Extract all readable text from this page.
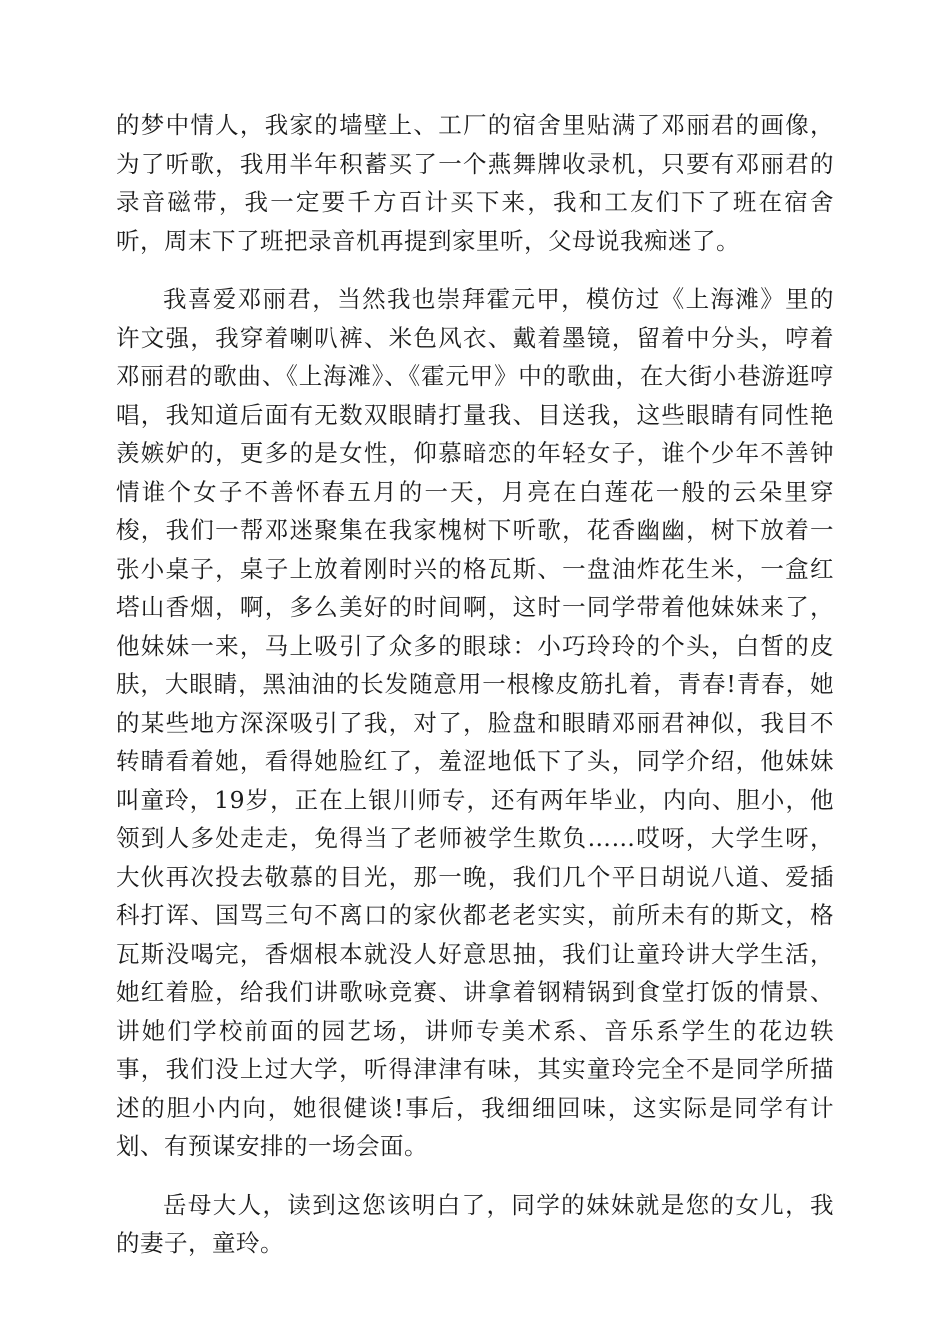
的梦中情人，我家的墙壁上、工厂的宿舍里贴满了邓丽君的画像，为了听歌，我用半年积蓄买了一个燕舞牌收录机，只要有邓丽君的录音磁带，我一定要千方百计买下来，我和工友们下了班在宿舍听，周末下了班把录音机再提到家里听，父母说我痴迷了。

我喜爱邓丽君，当然我也崇拜霍元甲，模仿过《上海滩》里的许文强，我穿着喇叭裤、米色风衣、戴着墨镜，留着中分头，哼着邓丽君的歌曲、《上海滩》、《霍元甲》中的歌曲，在大街小巷游逛哼唱，我知道后面有无数双眼睛打量我、目送我，这些眼睛有同性艳羡嫉妒的，更多的是女性，仰慕暗恋的年轻女子，谁个少年不善钟情谁个女子不善怀春五月的一天，月亮在白莲花一般的云朵里穿梭，我们一帮邓迷聚集在我家槐树下听歌，花香幽幽，树下放着一张小桌子，桌子上放着刚时兴的格瓦斯、一盘油炸花生米，一盒红塔山香烟，啊，多么美好的时间啊，这时一同学带着他妹妹来了，他妹妹一来，马上吸引了众多的眼球：小巧玲玲的个头，白皙的皮肤，大眼睛，黑油油的长发随意用一根橡皮筋扎着，青春!青春，她的某些地方深深吸引了我，对了，脸盘和眼睛邓丽君神似，我目不转睛看着她，看得她脸红了，羞涩地低下了头，同学介绍，他妹妹叫童玲，19岁，正在上银川师专，还有两年毕业，内向、胆小，他领到人多处走走，免得当了老师被学生欺负……哎呀，大学生呀，大伙再次投去敬慕的目光，那一晚，我们几个平日胡说八道、爱插科打诨、国骂三句不离口的家伙都老老实实，前所未有的斯文，格瓦斯没喝完，香烟根本就没人好意思抽，我们让童玲讲大学生活，她红着脸，给我们讲歌咏竞赛、讲拿着钢精锅到食堂打饭的情景、讲她们学校前面的园艺场，讲师专美术系、音乐系学生的花边轶事，我们没上过大学，听得津津有味，其实童玲完全不是同学所描述的胆小内向，她很健谈!事后，我细细回味，这实际是同学有计划、有预谋安排的一场会面。

岳母大人，读到这您该明白了，同学的妹妹就是您的女儿，我的妻子，童玲。
